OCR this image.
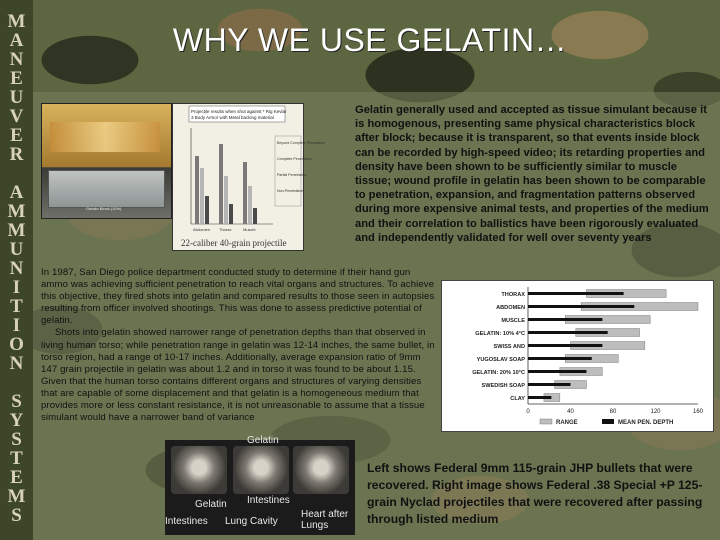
M
A
N
E
U
V
E
R
A
M
M
U
N
I
T
I
O
N
S
Y
S
T
E
M
S
WHY WE USE GELATIN…
Gelatin Block (10%)
Projectile results when shot against * Rig Kevlar
3 Body Armor with Metal backing material
Abdomen Thorax	Muscle
Beyond Complete Penetration
Complete Penetration
Partial Penetration
Non-Penetration
22-caliber 40-grain projectile
Gelatin generally used and accepted as tissue simulant because it is homogenous, presenting same physical characteristics block after block; because it is transparent, so that events inside block can be recorded by high-speed video; its retarding properties and density have been shown to be sufficiently similar to muscle tissue; wound profile in gelatin has been shown to be comparable to penetration, expansion, and fragmentation patterns observed during more expensive animal tests, and properties of the medium and their correlation to ballistics have been rigorously evaluated and independently validated for well over seventy years

In 1987, San Diego police department conducted study to determine if their hand gun ammo was achieving sufficient penetration to reach vital organs and structures. To achieve this objective, they fired shots into gelatin and compared results to those seen in autopsies resulting from officer involved shootings. This was done to assess predictive potential of gelatin.

Shots into gelatin showed narrower range of penetration depths than that observed in living human torso; while penetration range in gelatin was 12-14 inches, the same bullet, in torso region, had a range of 10-17 inches. Additionally, average expansion ratio of 9mm 147 grain projectile in gelatin was about 1.2 and in torso it was found to be about 1.15. Given that the human torso contains different organs and structures of varying densities that are capable of some displacement and that gelatin is a homogeneous medium that provides more or less constant resistance, it is not unreasonable to assume that a tissue simulant would have a narrower band of variance

THORAX
ABDOMEN
MUSCLE
GELATIN: 10% 4°C
SWISS AND
YUGOSLAV SOAP
GELATIN: 20% 10°C
SWEDISH SOAP
CLAY
0	40	80	120	160
RANGE	MEAN PEN. DEPTH
Gelatin
Gelatin Intestines
Intestines Lung Cavity
Heart after Lungs
Left shows Federal 9mm 115-grain JHP bullets that were recovered. Right image shows Federal .38 Special +P 125-grain Nyclad projectiles that were recovered after passing through listed medium
